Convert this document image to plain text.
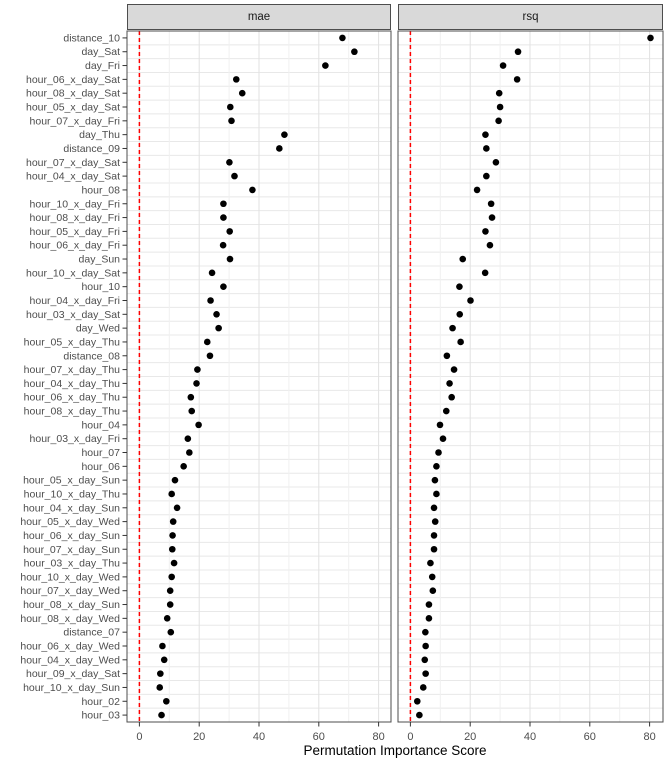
0	20	40	60	80 0	20	40	60	80
distance_10
day_Sat
day_Fri
hour_06_x_day_Sat
hour_08_x_day_Sat
hour_05_x_day_Sat
hour_07_x_day_Fri
day_Thu
distance_09
hour_07_x_day_Sat
hour_04_x_day_Sat
hour_08
hour_10_x_day_Fri
hour_08_x_day_Fri
hour_05_x_day_Fri
hour_06_x_day_Fri
day_Sun
hour_10_x_day_Sat
hour_10
hour_04_x_day_Fri
hour_03_x_day_Sat
day_Wed
hour_05_x_day_Thu
distance_08
hour_07_x_day_Thu
hour_04_x_day_Thu
hour_06_x_day_Thu
hour_08_x_day_Thu
hour_04
hour_03_x_day_Fri
hour_07
hour_06
hour_05_x_day_Sun
hour_10_x_day_Thu
hour_04_x_day_Sun
hour_05_x_day_Wed
hour_06_x_day_Sun
hour_07_x_day_Sun
hour_03_x_day_Thu
hour_10_x_day_Wed
hour_07_x_day_Wed
hour_08_x_day_Sun
hour_08_x_day_Wed
distance_07
hour_06_x_day_Wed
hour_04_x_day_Wed
hour_09_x_day_Sat
hour_10_x_day_Sun
hour_02
hour_03
mae	rsq
Permutation Importance Score
